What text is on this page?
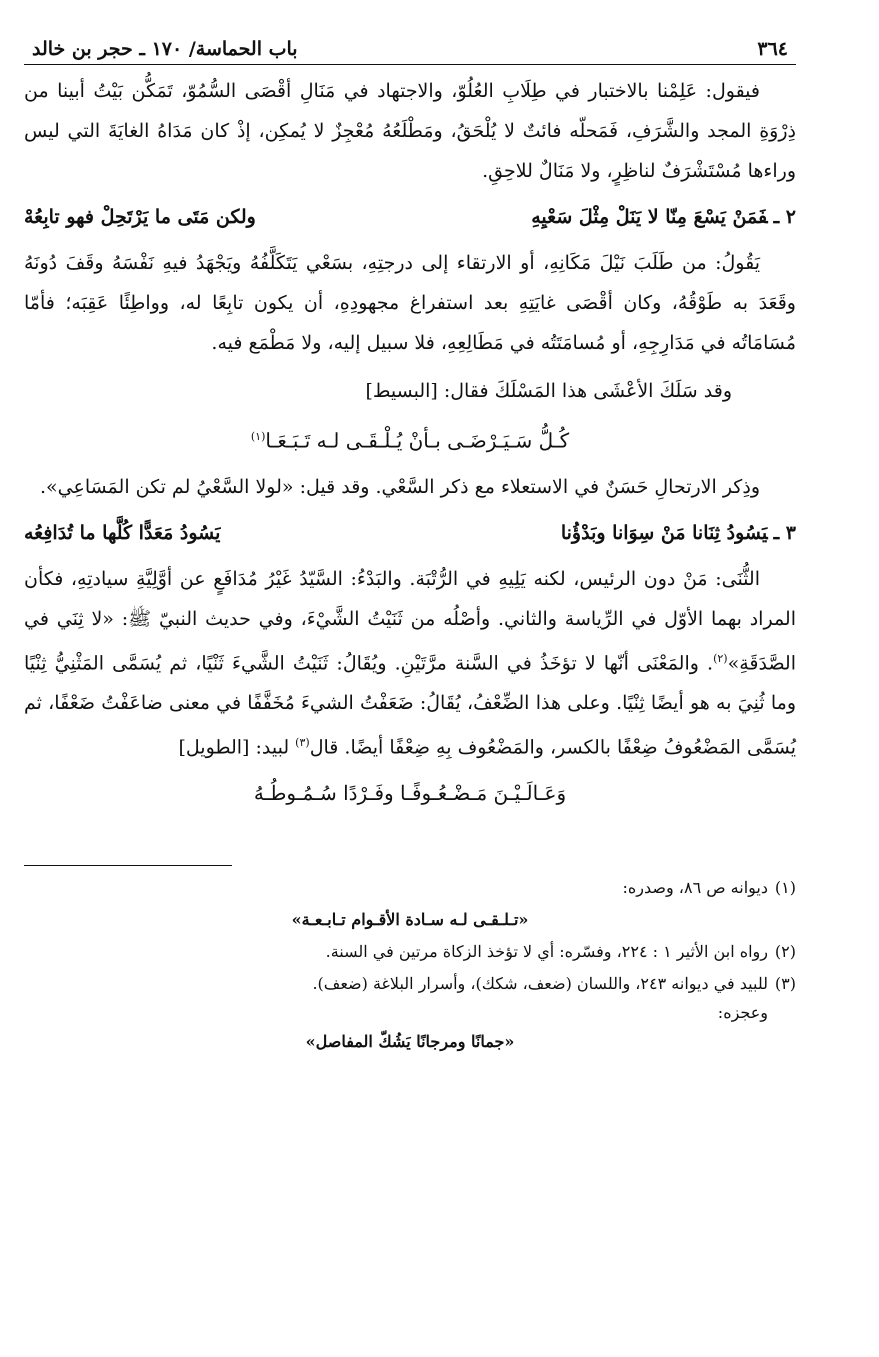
٣٦٤
باب الحماسة/ ١٧٠ ـ حجر بن خالد

فيقول: عَلِمْنا بالاختبار في طِلَابِ العُلُوّ، والاجتهاد في مَنَالِ أقْصَى السُّمُوّ، تَمَكُّن بَيْتُ أبينا من ذِرْوَةِ المجد والشَّرَفِ، فَمَحلّه فائتٌ لا يُلْحَقُ، ومَطْلَعُهُ مُعْجِزٌ لا يُمكِن، إذْ كان مَدَاهُ الغايَةَ التي ليس وراءها مُسْتَشْرَفٌ لناظِرٍ، ولا مَنَالٌ للاحِقِ.

٢ ـفَمَنْ يَسْعَ مِنّا لا يَنَلْ مِثْلَ سَعْيِهِ
ولكن مَتَى ما يَرْتَحِلْ فهو تابِعُهْ

يَقُولُ: من طَلَبَ نَيْلَ مَكَانِهِ، أو الارتقاء إلى درجتِهِ، بسَعْي يَتَكَلَّفُهُ ويَجْهَدُ فيهِ نَفْسَهُ وقَفَ دُونَهُ وقَعَدَ به طَوْقُهُ، وكان أقْصَى غايَتِهِ بعد استفراغ مجهودِهِ، أن يكون تابِعًا له، وواطِئًا عَقِبَه؛ فأمّا مُسَامَاتُه في مَدَارِجِهِ، أو مُسامَتَتُه في مَطَالِعِهِ، فلا سبيل إليه، ولا مَطْمَع فيه.

وقد سَلَكَ الأعْشَى هذا المَسْلَكَ فقال: [البسيط]

كُـلُّ سَـيَـرْضَـى بـأنْ يُـلْـقَـى لـه تَـبَـعَـا$^{(١)}$

وذِكر الارتحالِ حَسَنٌ في الاستعلاء مع ذكر السَّعْي. وقد قيل: «لولا السَّعْيُ لم تكن المَسَاعِي».

٣ ـيَسُودُ ثِنَانا مَنْ سِوَانا وبَدْؤُنا
يَسُودُ مَعَدًّا كُلَّها ما تُدَافِعُه

الثُّنَى: مَنْ دون الرئيس، لكنه يَلِيهِ في الرُّتْبَة. والبَدْءُ: السَّيّدُ غَيْرُ مُدَافَعٍ عن أوَّلِيَّةِ سيادتِهِ، فكأن المراد بهما الأوّل في الرِّياسة والثاني. وأصْلُه من ثَنَيْتُ الشَّيْءَ، وفي حديث النبيّ ﷺ: «لا ثِنَي في الصَّدَقَةِ»$^{(٢)}$. والمَعْنَى أنّها لا تؤخَذُ في السَّنة مرَّتَيْنِ. ويُقَالُ: ثَنَيْتُ الشَّيءَ ثَنْيًا، ثم يُسَمَّى المَثْنِيُّ ثِنْيًا وما ثُنِيَ به هو أيضًا ثِنْيًا. وعلى هذا الضِّعْفُ، يُقَالُ: ضَعَفْتُ الشيءَ مُخَفَّفًا في معنى ضاعَفْتُ ضَعْفًا، ثم يُسَمَّى المَضْعُوفُ ضِعْفًا بالكسر، والمَضْعُوف بِهِ ضِعْفًا أيضًا. قال$^{(٣)}$ لبيد: [الطويل]

وَعَـالَـيْـنَ مَـضْـعُـوفًـا وفَـرْدًا سُـمُـوطُـهُ
(١)ديوانه ص ٨٦، وصدره:
«تـلـقـى لـه سـادة الأقـوام تـابـعـة»
(٢)رواه ابن الأثير ١ : ٢٢٤، وفسّره: أي لا تؤخذ الزكاة مرتين في السنة.
(٣)للبيد في ديوانه ٢٤٣، واللسان (ضعف، شكك)، وأسرار البلاغة (ضعف).
وعجزه:
«جمانًا ومرجانًا يَشُكّ المفاصل»
